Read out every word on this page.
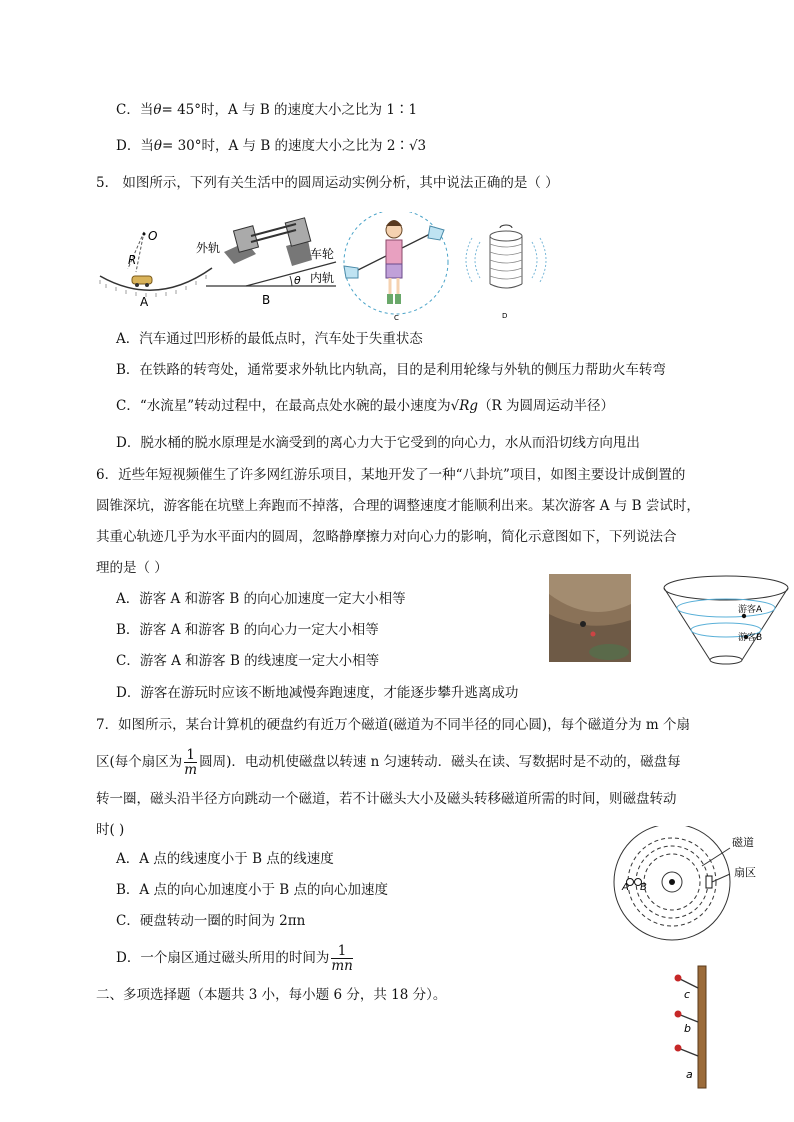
C．当θ= 45°时，A 与 B 的速度大小之比为 1∶1
D．当θ= 30°时，A 与 B 的速度大小之比为 2∶√3
5． 如图所示，下列有关生活中的圆周运动实例分析，其中说法正确的是（ ）
O
R
A
外轨	车轮
内轨
θ
B
C	D
A．汽车通过凹形桥的最低点时，汽车处于失重状态
B．在铁路的转弯处，通常要求外轨比内轨高，目的是利用轮缘与外轨的侧压力帮助火车转弯
C．“水流星”转动过程中，在最高点处水碗的最小速度为√Rg（R 为圆周运动半径）
D．脱水桶的脱水原理是水滴受到的离心力大于它受到的向心力，水从而沿切线方向甩出
6．近些年短视频催生了许多网红游乐项目，某地开发了一种“八卦坑”项目，如图主要设计成倒置的
圆锥深坑，游客能在坑壁上奔跑而不掉落，合理的调整速度才能顺利出来。某次游客 A 与 B 尝试时，
其重心轨迹几乎为水平面内的圆周，忽略静摩擦力对向心力的影响，简化示意图如下，下列说法合
理的是（ ）
A．游客 A 和游客 B 的向心加速度一定大小相等
B．游客 A 和游客 B 的向心力一定大小相等
C．游客 A 和游客 B 的线速度一定大小相等
D．游客在游玩时应该不断地减慢奔跑速度，才能逐步攀升逃离成功
游客A
游客B
7．如图所示，某台计算机的硬盘约有近万个磁道(磁道为不同半径的同心圆)，每个磁道分为 m 个扇
区(每个扇区为 $\frac{1}{m}$ 圆周)．电动机使磁盘以转速 n 匀速转动．磁头在读、写数据时是不动的，磁盘每
转一圈，磁头沿半径方向跳动一个磁道，若不计磁头大小及磁头转移磁道所需的时间，则磁盘转动
时( )
A．A 点的线速度小于 B 点的线速度
B．A 点的向心加速度小于 B 点的向心加速度
C．硬盘转动一圈的时间为 2πn
D．一个扇区通过磁头所用的时间为 $\frac{1}{mn}$
A B
磁道
扇区
二、多项选择题（本题共 3 小，每小题 6 分，共 18 分）。	c
b
a
